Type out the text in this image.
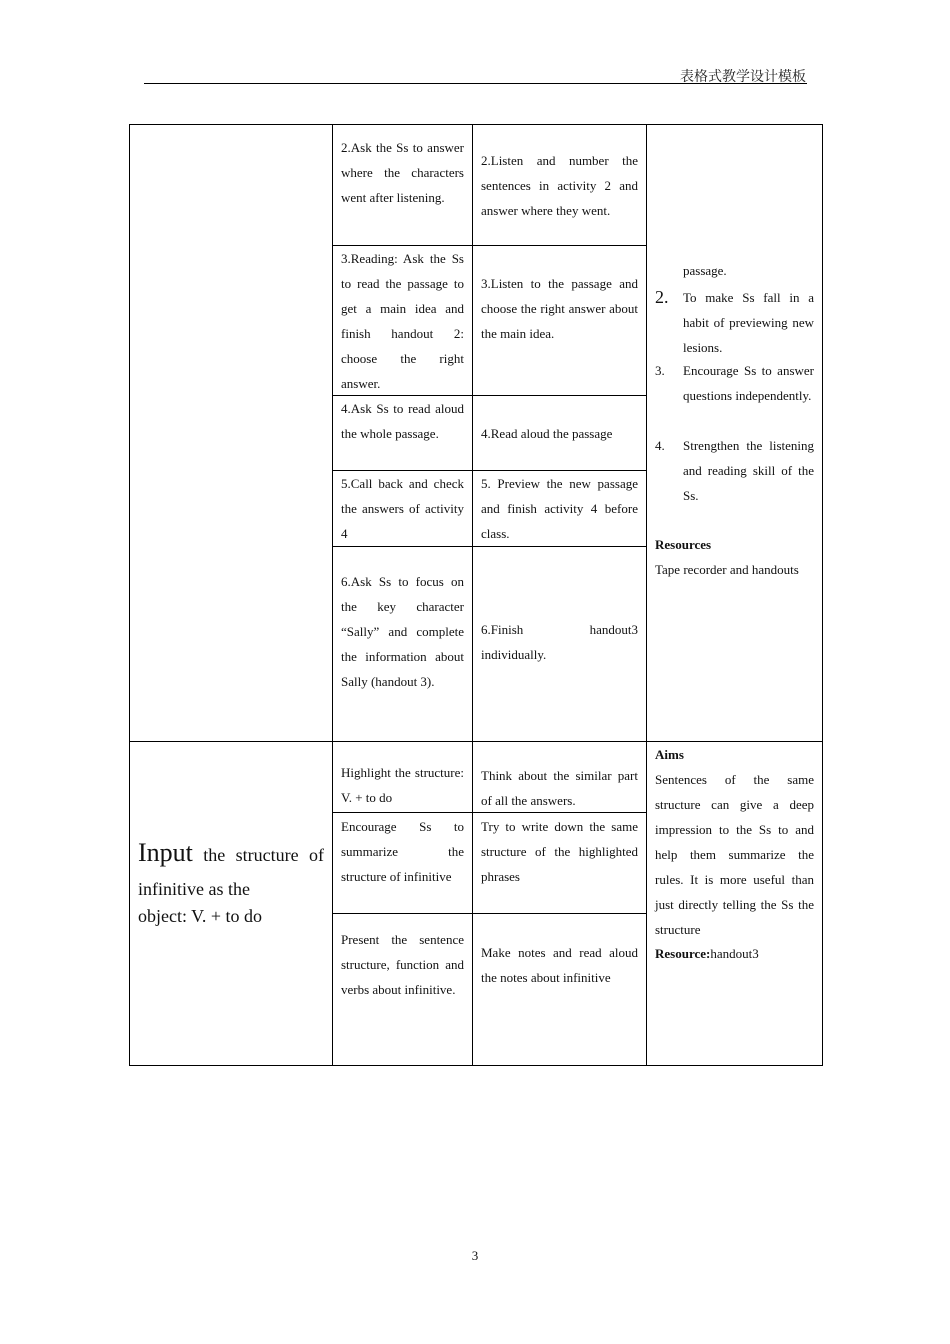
表格式教学设计模板
2.Ask the Ss to answer where the characters went after listening.
3.Reading: Ask the Ss to read the passage to get a main idea and finish handout 2: choose the right answer.
4.Ask Ss to read aloud the whole passage.
5.Call back and check the answers of activity 4
6.Ask Ss to focus on the key character “Sally” and complete the information about Sally (handout 3).
2.Listen and number the sentences in activity 2 and answer where they went.
3.Listen to the passage and choose the right answer about the main idea.
4.Read aloud the passage
5. Preview the new passage and finish activity 4 before class.
6.Finish handout3 individually.
passage.
2. To make Ss fall in a habit of previewing new lesions.
3. Encourage Ss to answer questions independently.
4. Strengthen the listening and reading skill of the Ss.
Resources
Tape recorder and handouts
Input the structure of infinitive as the
object: V. + to do
Highlight the structure: V. + to do
Encourage Ss to summarize the structure of infinitive
Present the sentence structure, function and verbs about infinitive.
Think about the similar part of all the answers.
Try to write down the same structure of the highlighted phrases
Make notes and read aloud the notes about infinitive
Aims
Sentences of the same structure can give a deep impression to the Ss to and help them summarize the rules. It is more useful than just directly telling the Ss the structure
Resource:handout3
3
